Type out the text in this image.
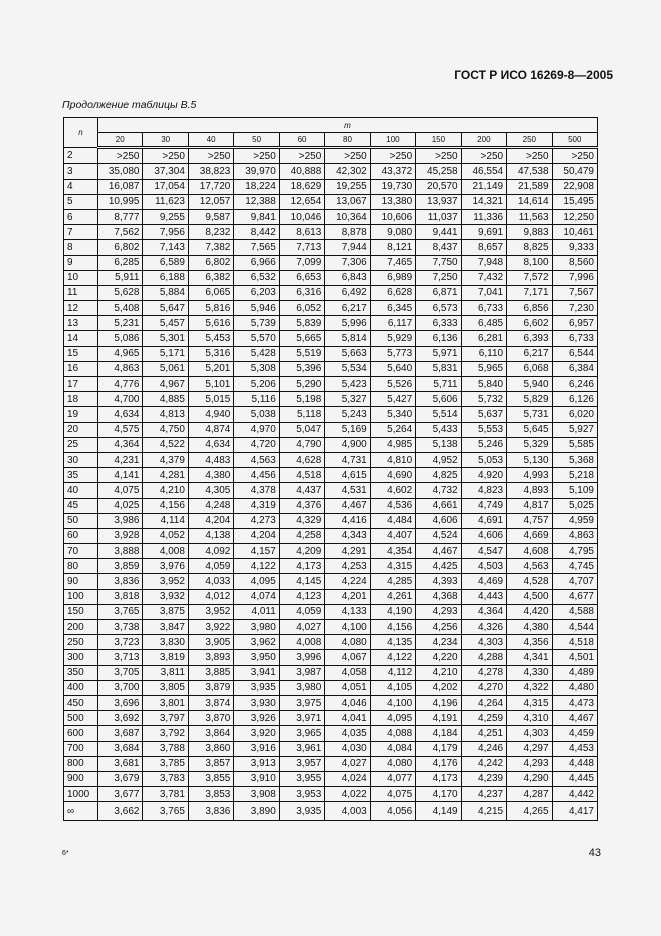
ГОСТ Р ИСО 16269-8—2005
Продолжение таблицы В.5
n	m										
	20	30	40	50	60	80	100	150	200	250	500
2	>250	>250	>250	>250	>250	>250	>250	>250	>250	>250	>250
3	35,080	37,304	38,823	39,970	40,888	42,302	43,372	45,258	46,554	47,538	50,479
4	16,087	17,054	17,720	18,224	18,629	19,255	19,730	20,570	21,149	21,589	22,908
5	10,995	11,623	12,057	12,388	12,654	13,067	13,380	13,937	14,321	14,614	15,495
6	8,777	9,255	9,587	9,841	10,046	10,364	10,606	11,037	11,336	11,563	12,250
7	7,562	7,956	8,232	8,442	8,613	8,878	9,080	9,441	9,691	9,883	10,461
8	6,802	7,143	7,382	7,565	7,713	7,944	8,121	8,437	8,657	8,825	9,333
9	6,285	6,589	6,802	6,966	7,099	7,306	7,465	7,750	7,948	8,100	8,560
10	5,911	6,188	6,382	6,532	6,653	6,843	6,989	7,250	7,432	7,572	7,996
11	5,628	5,884	6,065	6,203	6,316	6,492	6,628	6,871	7,041	7,171	7,567
12	5,408	5,647	5,816	5,946	6,052	6,217	6,345	6,573	6,733	6,856	7,230
13	5,231	5,457	5,616	5,739	5,839	5,996	6,117	6,333	6,485	6,602	6,957
14	5,086	5,301	5,453	5,570	5,665	5,814	5,929	6,136	6,281	6,393	6,733
15	4,965	5,171	5,316	5,428	5,519	5,663	5,773	5,971	6,110	6,217	6,544
16	4,863	5,061	5,201	5,308	5,396	5,534	5,640	5,831	5,965	6,068	6,384
17	4,776	4,967	5,101	5,206	5,290	5,423	5,526	5,711	5,840	5,940	6,246
18	4,700	4,885	5,015	5,116	5,198	5,327	5,427	5,606	5,732	5,829	6,126
19	4,634	4,813	4,940	5,038	5,118	5,243	5,340	5,514	5,637	5,731	6,020
20	4,575	4,750	4,874	4,970	5,047	5,169	5,264	5,433	5,553	5,645	5,927
25	4,364	4,522	4,634	4,720	4,790	4,900	4,985	5,138	5,246	5,329	5,585
30	4,231	4,379	4,483	4,563	4,628	4,731	4,810	4,952	5,053	5,130	5,368
35	4,141	4,281	4,380	4,456	4,518	4,615	4,690	4,825	4,920	4,993	5,218
40	4,075	4,210	4,305	4,378	4,437	4,531	4,602	4,732	4,823	4,893	5,109
45	4,025	4,156	4,248	4,319	4,376	4,467	4,536	4,661	4,749	4,817	5,025
50	3,986	4,114	4,204	4,273	4,329	4,416	4,484	4,606	4,691	4,757	4,959
60	3,928	4,052	4,138	4,204	4,258	4,343	4,407	4,524	4,606	4,669	4,863
70	3,888	4,008	4,092	4,157	4,209	4,291	4,354	4,467	4,547	4,608	4,795
80	3,859	3,976	4,059	4,122	4,173	4,253	4,315	4,425	4,503	4,563	4,745
90	3,836	3,952	4,033	4,095	4,145	4,224	4,285	4,393	4,469	4,528	4,707
100	3,818	3,932	4,012	4,074	4,123	4,201	4,261	4,368	4,443	4,500	4,677
150	3,765	3,875	3,952	4,011	4,059	4,133	4,190	4,293	4,364	4,420	4,588
200	3,738	3,847	3,922	3,980	4,027	4,100	4,156	4,256	4,326	4,380	4,544
250	3,723	3,830	3,905	3,962	4,008	4,080	4,135	4,234	4,303	4,356	4,518
300	3,713	3,819	3,893	3,950	3,996	4,067	4,122	4,220	4,288	4,341	4,501
350	3,705	3,811	3,885	3,941	3,987	4,058	4,112	4,210	4,278	4,330	4,489
400	3,700	3,805	3,879	3,935	3,980	4,051	4,105	4,202	4,270	4,322	4,480
450	3,696	3,801	3,874	3,930	3,975	4,046	4,100	4,196	4,264	4,315	4,473
500	3,692	3,797	3,870	3,926	3,971	4,041	4,095	4,191	4,259	4,310	4,467
600	3,687	3,792	3,864	3,920	3,965	4,035	4,088	4,184	4,251	4,303	4,459
700	3,684	3,788	3,860	3,916	3,961	4,030	4,084	4,179	4,246	4,297	4,453
800	3,681	3,785	3,857	3,913	3,957	4,027	4,080	4,176	4,242	4,293	4,448
900	3,679	3,783	3,855	3,910	3,955	4,024	4,077	4,173	4,239	4,290	4,445
1000	3,677	3,781	3,853	3,908	3,953	4,022	4,075	4,170	4,237	4,287	4,442
∞	3,662	3,765	3,836	3,890	3,935	4,003	4,056	4,149	4,215	4,265	4,417
6*	43
